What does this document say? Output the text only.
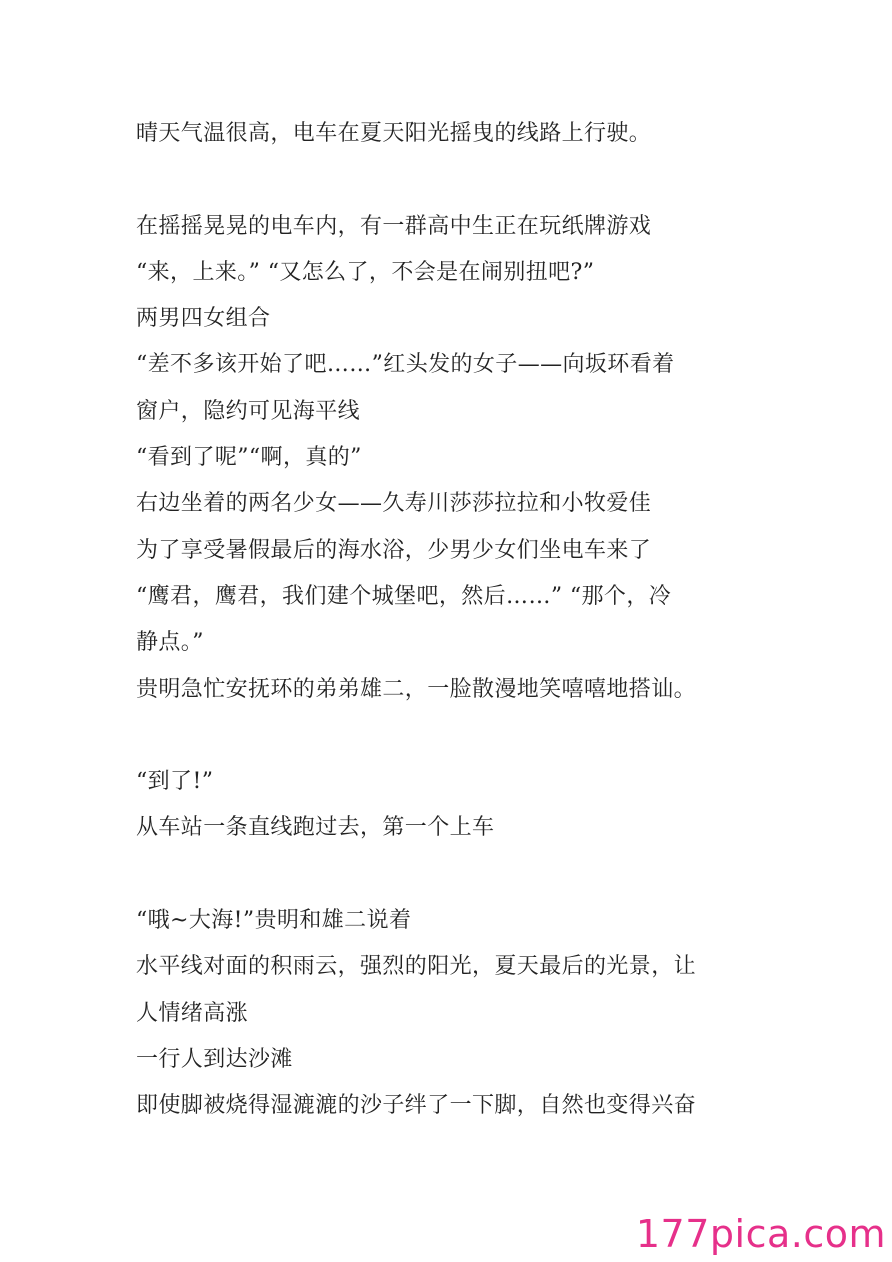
晴天气温很高，电车在夏天阳光摇曳的线路上行驶。
在摇摇晃晃的电车内，有一群高中生正在玩纸牌游戏
“来，上来。” “又怎么了，不会是在闹别扭吧?”
两男四女组合
“差不多该开始了吧……”红头发的女子——向坂环看着
窗户，隐约可见海平线
“看到了呢”“啊，真的”
右边坐着的两名少女——久寿川莎莎拉拉和小牧爱佳
为了享受暑假最后的海水浴，少男少女们坐电车来了
“鹰君，鹰君，我们建个城堡吧，然后……” “那个，冷
静点。”
贵明急忙安抚环的弟弟雄二，一脸散漫地笑嘻嘻地搭讪。
“到了!”
从车站一条直线跑过去，第一个上车
“哦~大海!”贵明和雄二说着
水平线对面的积雨云，强烈的阳光，夏天最后的光景，让
人情绪高涨
一行人到达沙滩
即使脚被烧得湿漉漉的沙子绊了一下脚，自然也变得兴奋
177pica.com
